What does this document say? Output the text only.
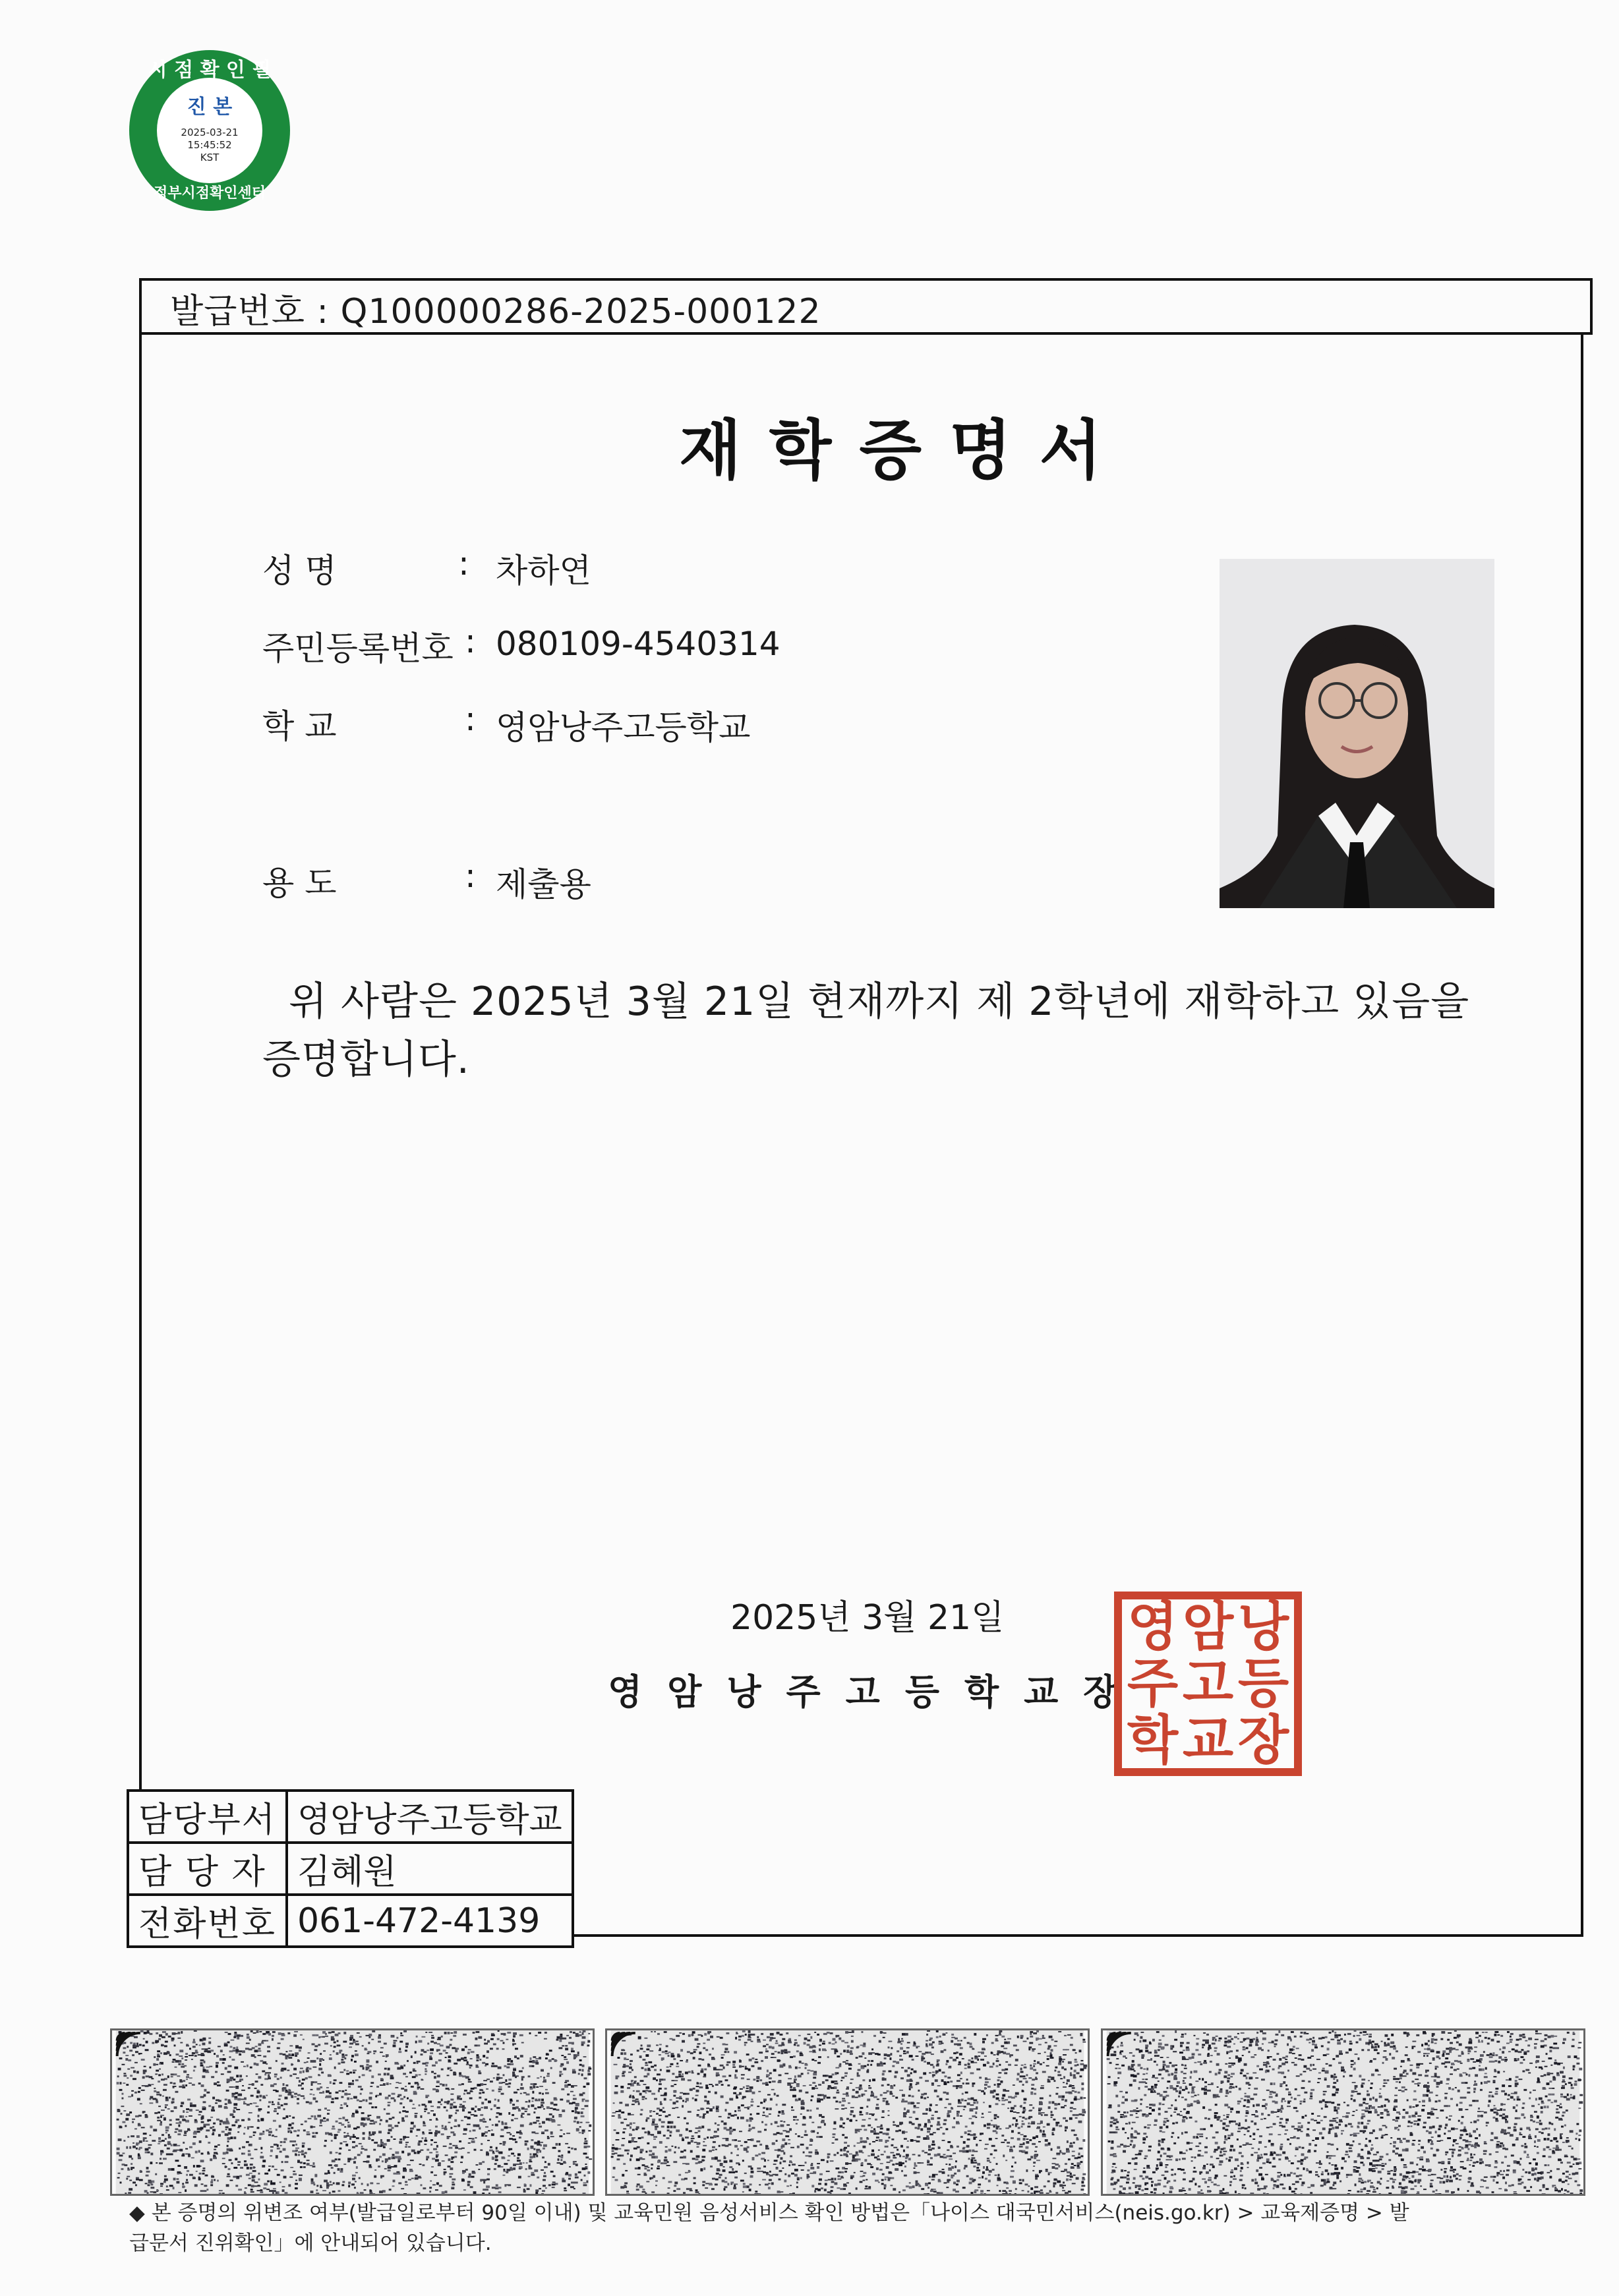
시 점 확 인 필
진 본
2025-03-21
15:45:52
KST
정부시점확인센터
발급번호 : Q100000286-2025-000122
재학증명서
성 명	: 차하연
주민등록번호 : 080109-4540314
학 교	: 영암낭주고등학교
용 도	: 제출용
위 사람은 2025년 3월 21일 현재까지 제 2학년에 재학하고 있음을
증명합니다.
2025년 3월 21일
영암낭주고등학교장
영 암 낭
주 고 등
학 교 장
담당부서	영암낭주고등학교
담 당 자	김혜원
전화번호	061-472-4139
◆ 본 증명의 위변조 여부(발급일로부터 90일 이내) 및 교육민원 음성서비스 확인 방법은「나이스 대국민서비스(neis.go.kr) > 교육제증명 > 발
급문서 진위확인」에 안내되어 있습니다.
